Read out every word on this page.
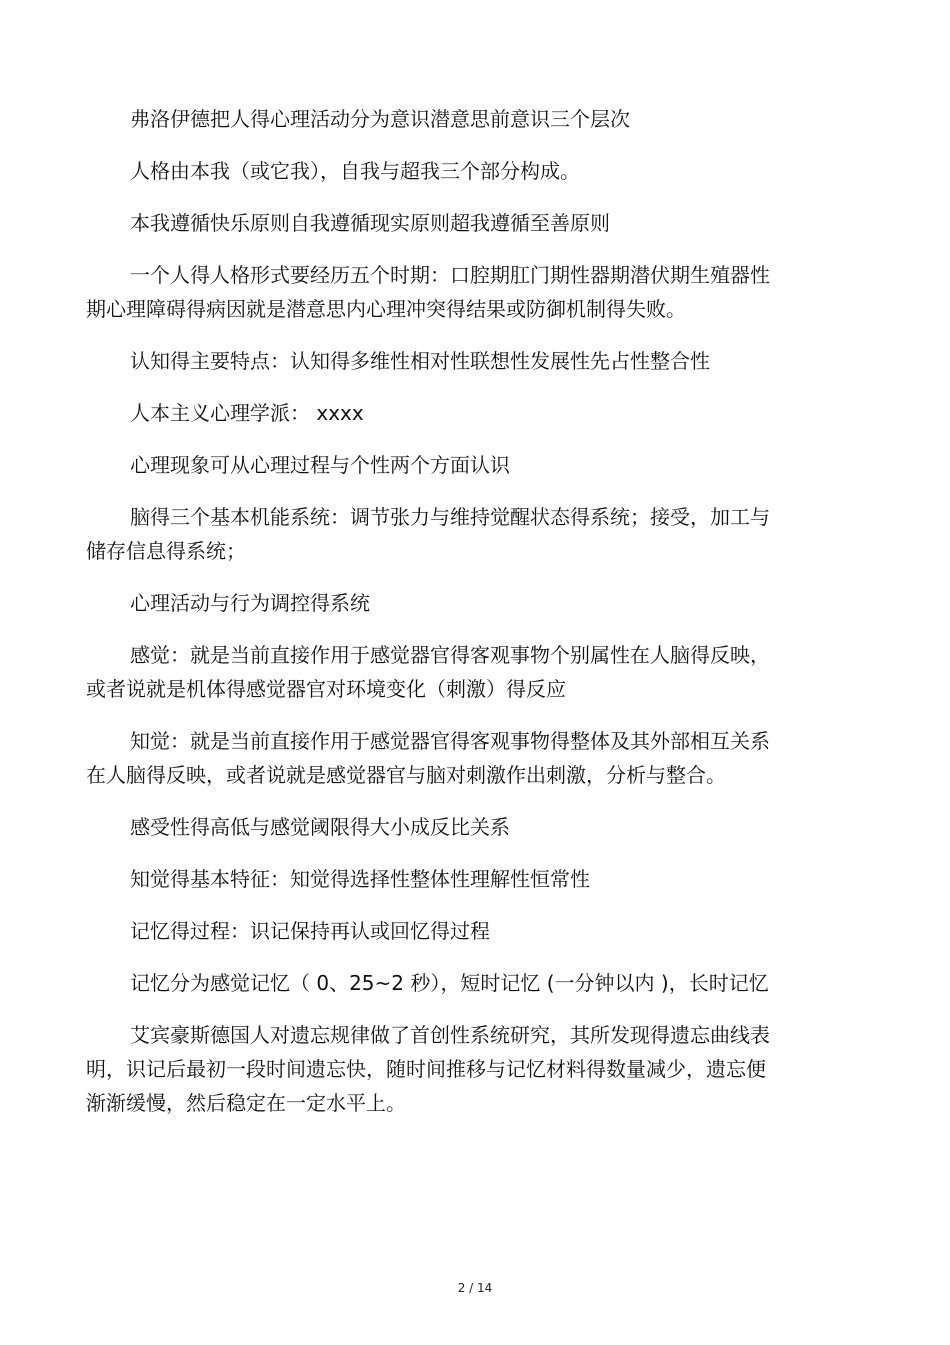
弗洛伊德把人得心理活动分为意识潜意思前意识三个层次

人格由本我（或它我），自我与超我三个部分构成。

本我遵循快乐原则自我遵循现实原则超我遵循至善原则

一个人得人格形式要经历五个时期：口腔期肛门期性器期潜伏期生殖器性
期心理障碍得病因就是潜意思内心理冲突得结果或防御机制得失败。

认知得主要特点：认知得多维性相对性联想性发展性先占性整合性

人本主义心理学派： xxxx

心理现象可从心理过程与个性两个方面认识

脑得三个基本机能系统：调节张力与维持觉醒状态得系统；接受，加工与
储存信息得系统；

心理活动与行为调控得系统

感觉：就是当前直接作用于感觉器官得客观事物个别属性在人脑得反映，
或者说就是机体得感觉器官对环境变化（刺激）得反应

知觉：就是当前直接作用于感觉器官得客观事物得整体及其外部相互关系
在人脑得反映，或者说就是感觉器官与脑对刺激作出刺激，分析与整合。

感受性得高低与感觉阈限得大小成反比关系

知觉得基本特征：知觉得选择性整体性理解性恒常性

记忆得过程：识记保持再认或回忆得过程

记忆分为感觉记忆（ 0、25~2 秒），短时记忆 (一分钟以内 )，长时记忆

艾宾豪斯德国人对遗忘规律做了首创性系统研究，其所发现得遗忘曲线表
明，识记后最初一段时间遗忘快，随时间推移与记忆材料得数量减少，遗忘便
渐渐缓慢，然后稳定在一定水平上。

2 / 14
